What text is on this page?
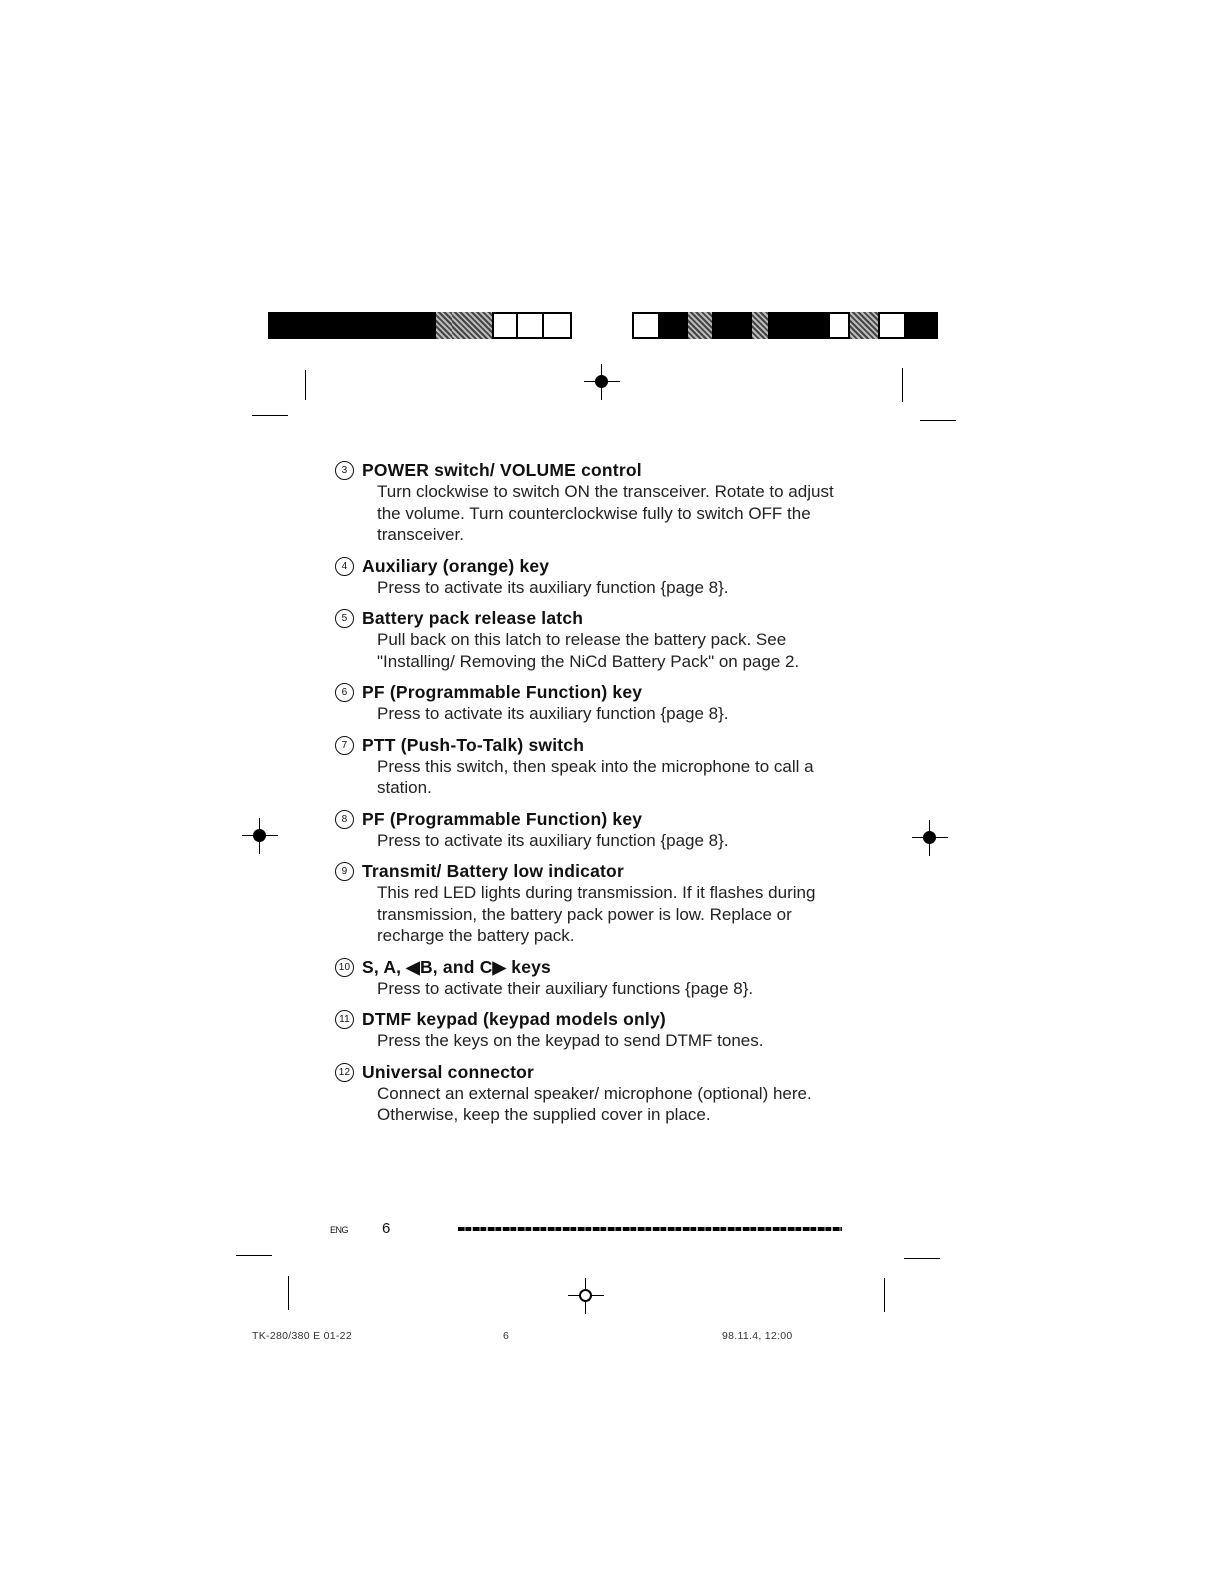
3 POWER switch/ VOLUME control
Turn clockwise to switch ON the transceiver. Rotate to adjust the volume. Turn counterclockwise fully to switch OFF the transceiver.
4 Auxiliary (orange) key
Press to activate its auxiliary function {page 8}.
5 Battery pack release latch
Pull back on this latch to release the battery pack. See "Installing/ Removing the NiCd Battery Pack" on page 2.
6 PF (Programmable Function) key
Press to activate its auxiliary function {page 8}.
7 PTT (Push-To-Talk) switch
Press this switch, then speak into the microphone to call a station.
8 PF (Programmable Function) key
Press to activate its auxiliary function {page 8}.
9 Transmit/ Battery low indicator
This red LED lights during transmission. If it flashes during transmission, the battery pack power is low. Replace or recharge the battery pack.
10 S, A, ◀B, and C▶ keys
Press to activate their auxiliary functions {page 8}.
11 DTMF keypad (keypad models only)
Press the keys on the keypad to send DTMF tones.
12 Universal connector
Connect an external speaker/ microphone (optional) here. Otherwise, keep the supplied cover in place.
ENG 6
TK-280/380 E 01-22	6	98.11.4, 12:00
